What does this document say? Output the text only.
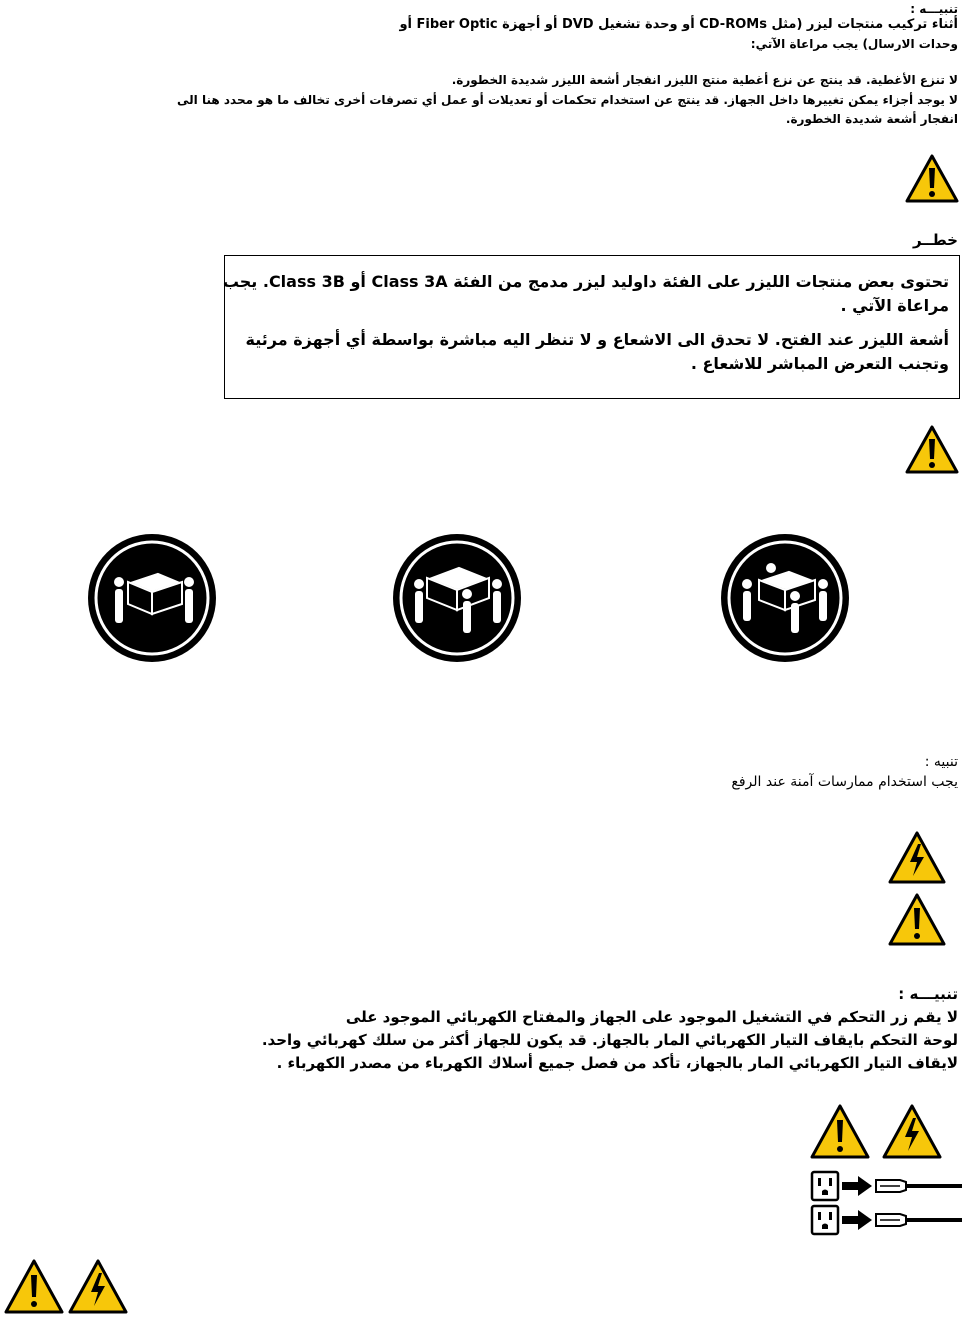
تنبيـــه :
أثناء تركيب منتجات ليزر (مثل CD-ROMs أو وحدة تشغيل DVD أو أجهزة Fiber Optic أو
وحدات الارسال) يجب مراعاة الآتي:
لا تنزع الأغطية. قد ينتج عن نزع أغطية منتج الليزر انفجار أشعة الليزر شديدة الخطورة.
لا يوجد أجزاء يمكن تغييرها داخل الجهاز. قد ينتج عن استخدام تحكمات أو تعديلات أو عمل أي تصرفات أخرى تخالف ما هو محدد هنا الى
انفجار أشعة شديدة الخطورة.
خطــر
تحتوى بعض منتجات الليزر على الفئة داوليد ليزر مدمج من الفئة Class 3A أو Class 3B. يجب
مراعاة الآتي .
أشعة الليزر عند الفتح. لا تحدق الى الاشعاع و لا تنظر اليه مباشرة بواسطة أي أجهزة مرئية
وتجنب التعرض المباشر للاشعاع .
تنبيه :
يجب استخدام ممارسات آمنة عند الرفع
تنبيـــه :
لا يقم زر التحكم في التشغيل الموجود على الجهاز والمفتاح الكهربائي الموجود على
لوحة التحكم بايقاف التيار الكهربائي المار بالجهاز. قد يكون للجهاز أكثر من سلك كهربائي واحد.
لايقاف التيار الكهربائي المار بالجهاز، تأكد من فصل جميع أسلاك الكهرباء من مصدر الكهرباء .
